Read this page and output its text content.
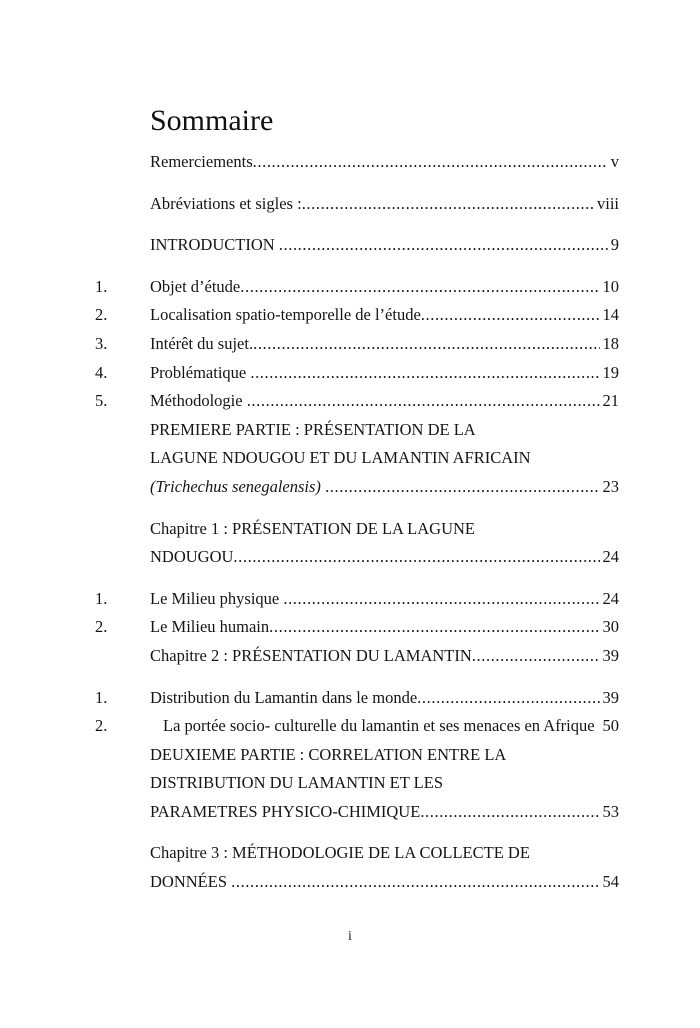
Sommaire
Remerciements .....	v
Abréviations et sigles : .....	viii
INTRODUCTION .....	9
1.	Objet d’étude .....	10
2.	Localisation spatio-temporelle de l’étude .....	14
3.	Intérêt du sujet. .....	18
4.	Problématique .....	19
5.	Méthodologie .....	21
PREMIERE PARTIE : PRÉSENTATION DE LA
LAGUNE NDOUGOU ET DU LAMANTIN AFRICAIN
(Trichechus senegalensis) .....	23
Chapitre 1 : PRÉSENTATION DE LA LAGUNE
NDOUGOU .....	24
1.	Le Milieu physique .....	24
2.	Le Milieu humain .....	30
Chapitre 2 : PRÉSENTATION DU LAMANTIN .....	39
1.	Distribution du Lamantin dans le monde .....	39
2.	La portée socio- culturelle du lamantin et ses menaces en Afrique 50
DEUXIEME PARTIE : CORRELATION ENTRE LA
DISTRIBUTION DU LAMANTIN ET LES
PARAMETRES PHYSICO-CHIMIQUE .....	53
Chapitre 3 : MÉTHODOLOGIE DE LA COLLECTE DE
DONNÉES .....	54
i
